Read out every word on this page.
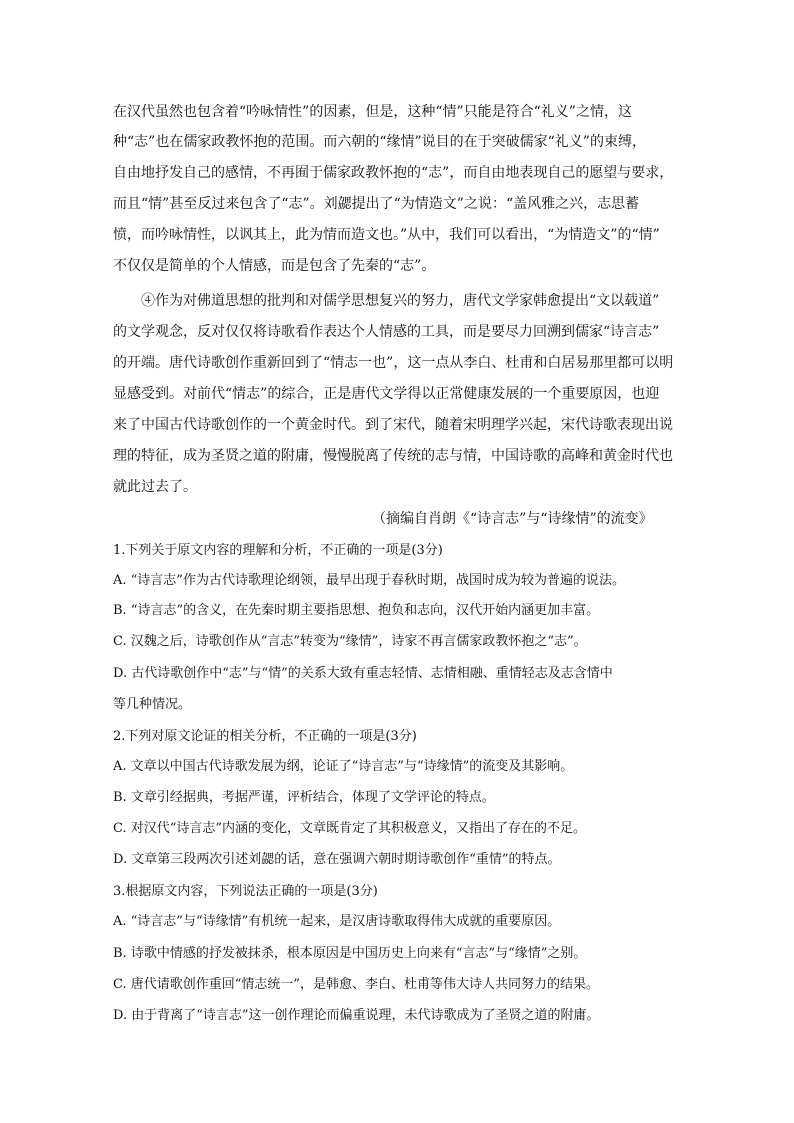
在汉代虽然也包含着“吟咏情性”的因素，但是，这种“情”只能是符合“礼义”之情，这
种“志”也在儒家政教怀抱的范围。而六朝的“缘情”说目的在于突破儒家“礼义”的束缚，
自由地抒发自己的感情，不再囿于儒家政教怀抱的“志”，而自由地表现自己的愿望与要求，
而且“情”甚至反过来包含了“志”。刘勰提出了“为情造文”之说：“盖风雅之兴，志思蓄
愤，而吟咏情性，以讽其上，此为情而造文也。”从中，我们可以看出，“为情造文”的“情”
不仅仅是简单的个人情感，而是包含了先秦的“志”。
④作为对佛道思想的批判和对儒学思想复兴的努力，唐代文学家韩愈提出“文以载道”
的文学观念，反对仅仅将诗歌看作表达个人情感的工具，而是要尽力回溯到儒家“诗言志”
的开端。唐代诗歌创作重新回到了“情志一也”，这一点从李白、杜甫和白居易那里都可以明
显感受到。对前代“情志”的综合，正是唐代文学得以正常健康发展的一个重要原因，也迎
来了中国古代诗歌创作的一个黄金时代。到了宋代，随着宋明理学兴起，宋代诗歌表现出说
理的特征，成为圣贤之道的附庸，慢慢脱离了传统的志与情，中国诗歌的高峰和黄金时代也
就此过去了。
（摘编自肖朗《“诗言志”与“诗缘情”的流变》
1.下列关于原文内容的理解和分析，不正确的一项是(3分)
A. “诗言志”作为古代诗歌理论纲领，最早出现于春秋时期，战国时成为较为普遍的说法。
B. “诗言志”的含义，在先秦时期主要指思想、抱负和志向，汉代开始内涵更加丰富。
C. 汉魏之后，诗歌创作从“言志”转变为“缘情”，诗家不再言儒家政教怀抱之“志”。
D. 古代诗歌创作中“志”与“情”的关系大致有重志轻情、志情相融、重情轻志及志含情中
等几种情况。
2.下列对原文论证的相关分析，不正确的一项是(3分)
A. 文章以中国古代诗歌发展为纲，论证了“诗言志”与“诗缘情”的流变及其影响。
B. 文章引经据典，考据严谨，评析结合，体现了文学评论的特点。
C. 对汉代“诗言志”内涵的变化，文章既肯定了其积极意义，又指出了存在的不足。
D. 文章第三段两次引述刘勰的话，意在强调六朝时期诗歌创作“重情”的特点。
3.根据原文内容，下列说法正确的一项是(3分)
A. “诗言志”与“诗缘情”有机统一起来，是汉唐诗歌取得伟大成就的重要原因。
B. 诗歌中情感的抒发被抹杀，根本原因是中国历史上向来有“言志”与“缘情”之别。
C. 唐代请歌创作重回“情志统一”，是韩愈、李白、杜甫等伟大诗人共同努力的结果。
D. 由于背离了“诗言志”这一创作理论而偏重说理，未代诗歌成为了圣贤之道的附庸。
